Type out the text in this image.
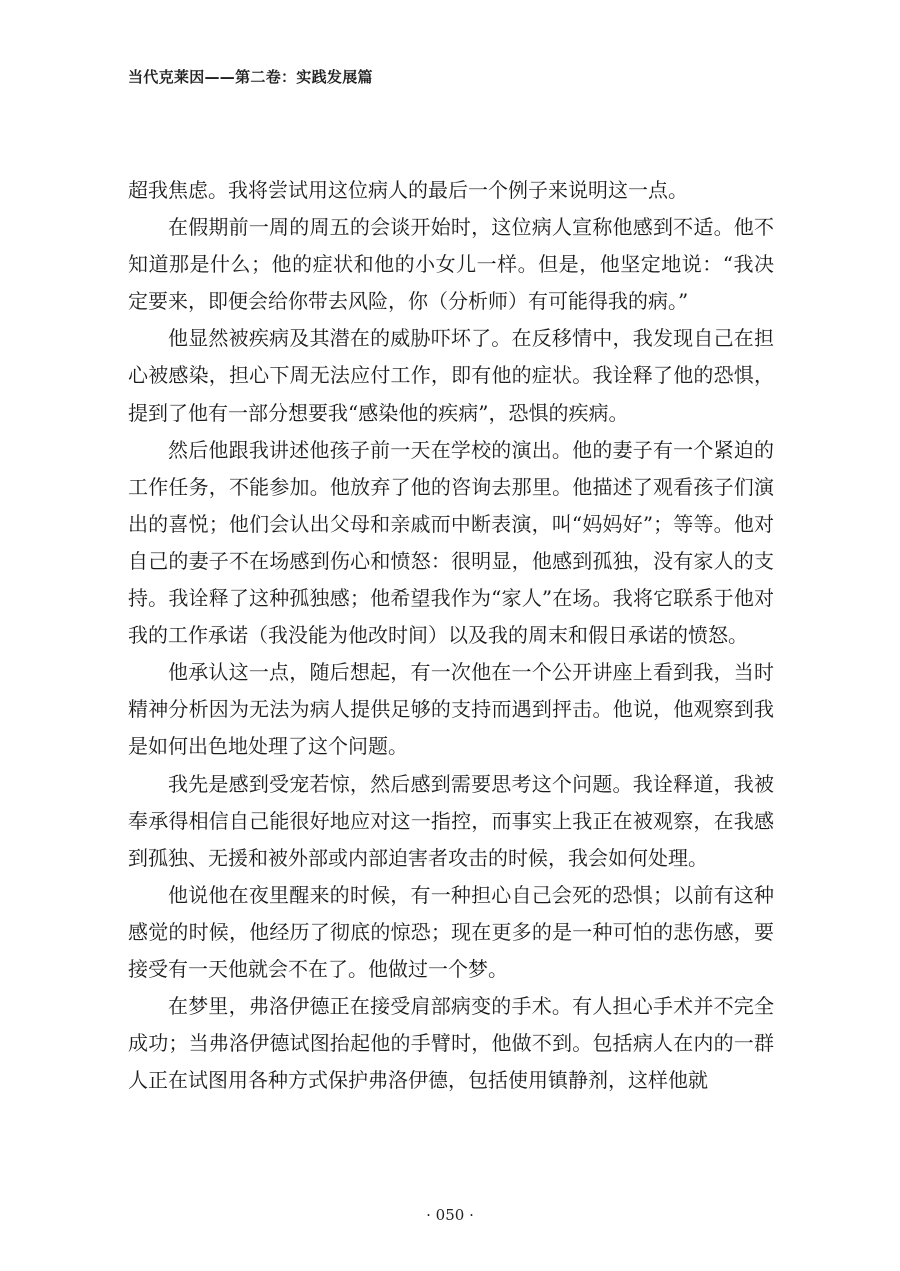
当代克莱因——第二卷：实践发展篇

超我焦虑。我将尝试用这位病人的最后一个例子来说明这一点。

在假期前一周的周五的会谈开始时，这位病人宣称他感到不适。他不知道那是什么；他的症状和他的小女儿一样。但是，他坚定地说：“我决定要来，即便会给你带去风险，你（分析师）有可能得我的病。”

他显然被疾病及其潜在的威胁吓坏了。在反移情中，我发现自己在担心被感染，担心下周无法应付工作，即有他的症状。我诠释了他的恐惧，提到了他有一部分想要我“感染他的疾病”，恐惧的疾病。

然后他跟我讲述他孩子前一天在学校的演出。他的妻子有一个紧迫的工作任务，不能参加。他放弃了他的咨询去那里。他描述了观看孩子们演出的喜悦；他们会认出父母和亲戚而中断表演，叫“妈妈好”；等等。他对自己的妻子不在场感到伤心和愤怒：很明显，他感到孤独，没有家人的支持。我诠释了这种孤独感；他希望我作为“家人”在场。我将它联系于他对我的工作承诺（我没能为他改时间）以及我的周末和假日承诺的愤怒。

他承认这一点，随后想起，有一次他在一个公开讲座上看到我，当时精神分析因为无法为病人提供足够的支持而遇到抨击。他说，他观察到我是如何出色地处理了这个问题。

我先是感到受宠若惊，然后感到需要思考这个问题。我诠释道，我被奉承得相信自己能很好地应对这一指控，而事实上我正在被观察，在我感到孤独、无援和被外部或内部迫害者攻击的时候，我会如何处理。

他说他在夜里醒来的时候，有一种担心自己会死的恐惧；以前有这种感觉的时候，他经历了彻底的惊恐；现在更多的是一种可怕的悲伤感，要接受有一天他就会不在了。他做过一个梦。

在梦里，弗洛伊德正在接受肩部病变的手术。有人担心手术并不完全成功；当弗洛伊德试图抬起他的手臂时，他做不到。包括病人在内的一群人正在试图用各种方式保护弗洛伊德，包括使用镇静剂，这样他就

· 050 ·
